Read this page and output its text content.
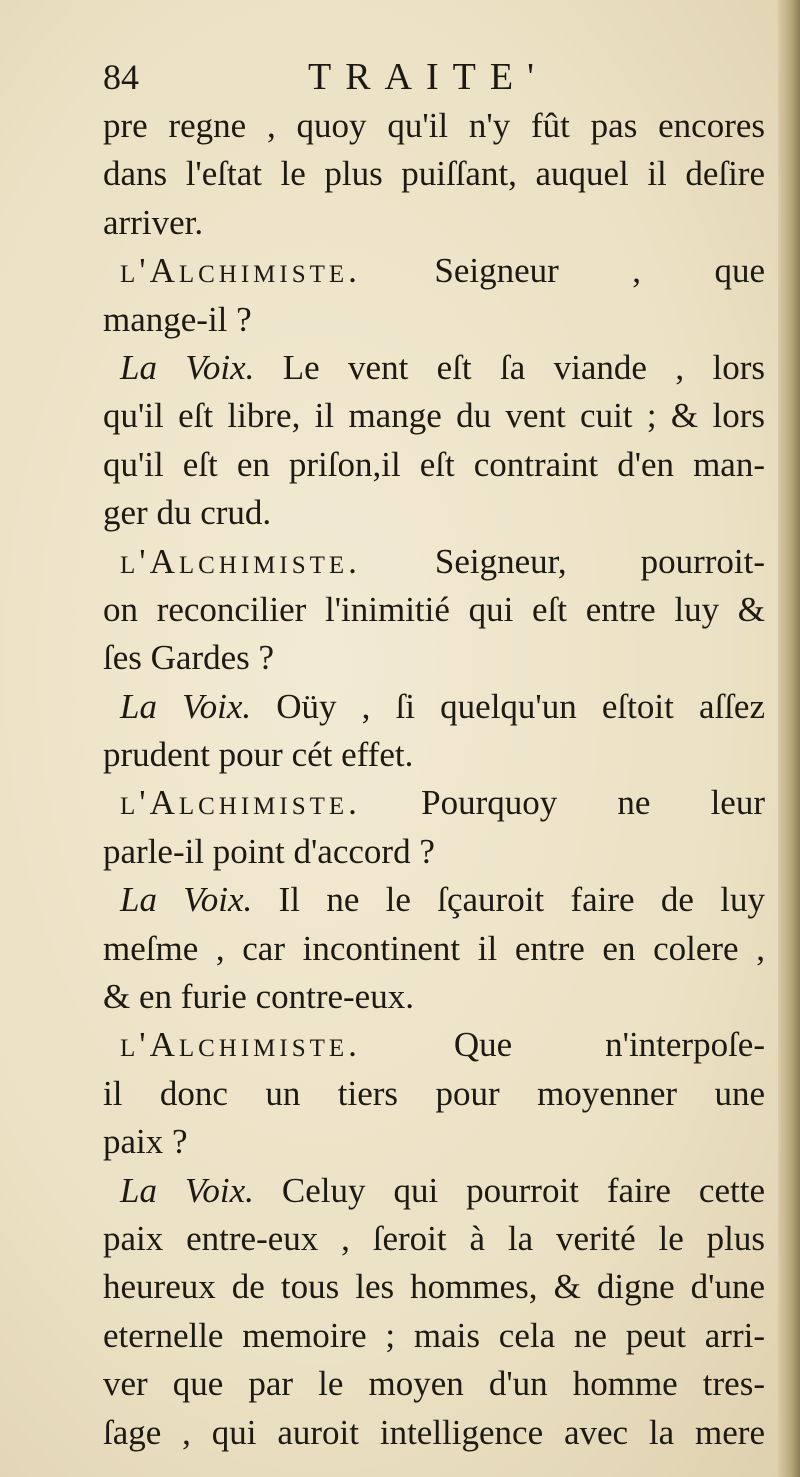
84	TRAITE'
pre regne , quoy qu'il n'y fût pas encores
dans l'eſtat le plus puiſſant, auquel il deſire
arriver.
l'Alchimiste. Seigneur , que
mange-il ?
La Voix. Le vent eſt ſa viande , lors
qu'il eſt libre, il mange du vent cuit ; & lors
qu'il eſt en priſon,il eſt contraint d'en man-
ger du crud.
l'Alchimiste. Seigneur, pourroit-
on reconcilier l'inimitié qui eſt entre luy &
ſes Gardes ?
La Voix. Oüy , ſi quelqu'un eſtoit aſſez
prudent pour cét effet.
l'Alchimiste. Pourquoy ne leur
parle-il point d'accord ?
La Voix. Il ne le ſçauroit faire de luy
meſme , car incontinent il entre en colere ,
& en furie contre-eux.
l'Alchimiste. Que n'interpoſe-
il donc un tiers pour moyenner une
paix ?
La Voix. Celuy qui pourroit faire cette
paix entre-eux , ſeroit à la verité le plus
heureux de tous les hommes, & digne d'une
eternelle memoire ; mais cela ne peut arri-
ver que par le moyen d'un homme tres-
ſage , qui auroit intelligence avec la mere
